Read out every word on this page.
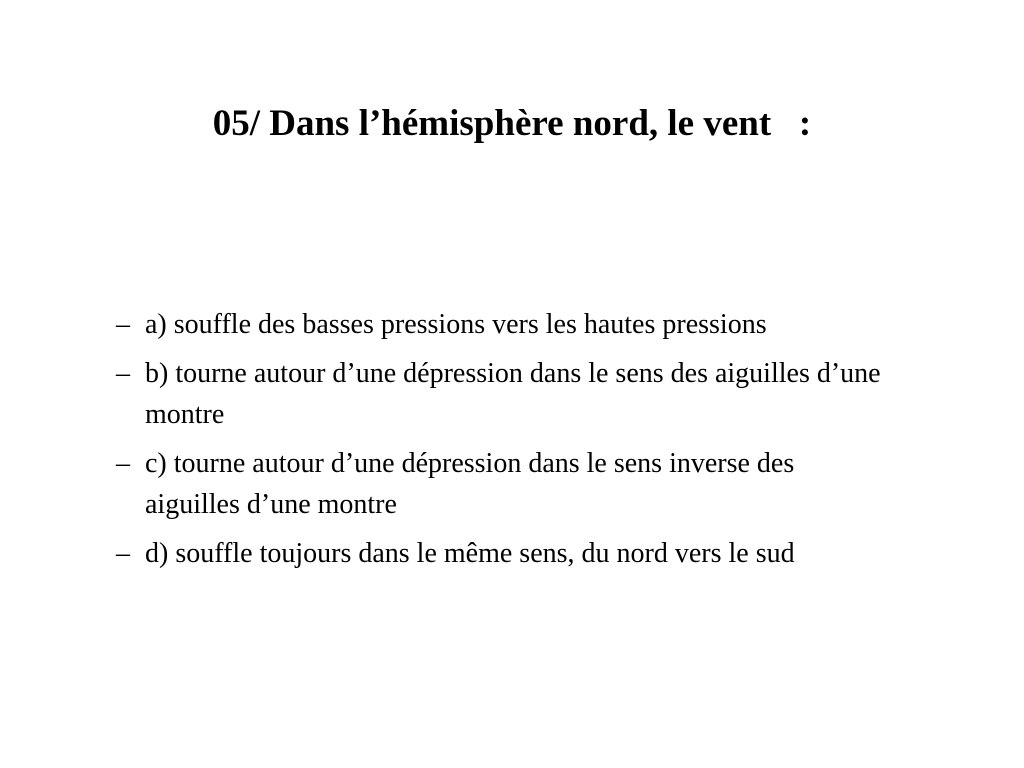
05/ Dans l’hémisphère nord, le vent   :
– a) souffle des basses pressions vers les hautes pressions
– b) tourne autour d’une dépression dans le sens des aiguilles d’une montre
– c) tourne autour d’une dépression dans le sens inverse des aiguilles d’une montre
– d) souffle toujours dans le même sens, du nord vers le sud
